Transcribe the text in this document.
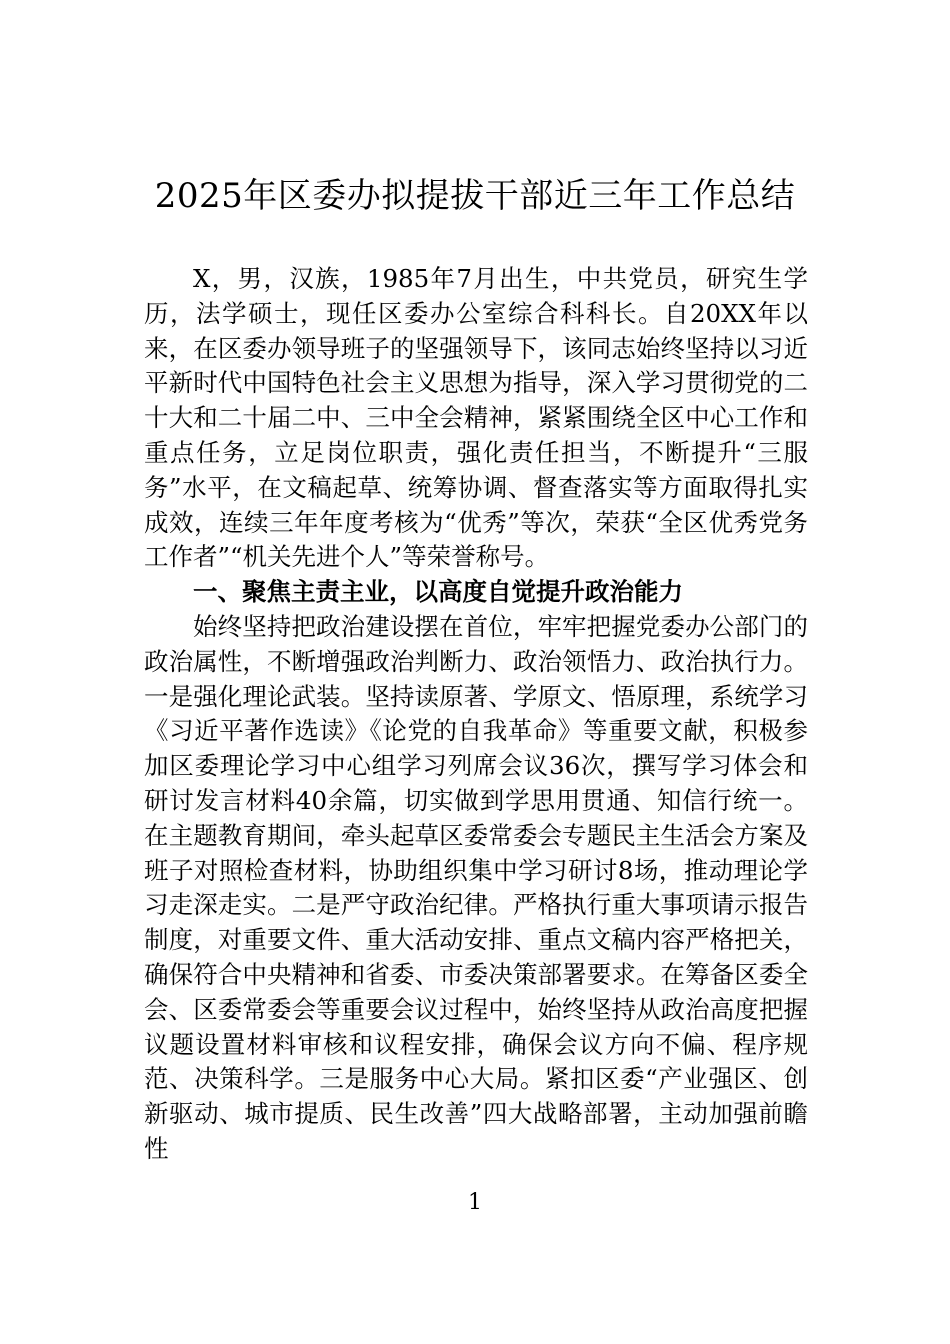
2025年区委办拟提拔干部近三年工作总结

X，男，汉族，1985年7月出生，中共党员，研究生学历，法学硕士，现任区委办公室综合科科长。自20XX年以来，在区委办领导班子的坚强领导下，该同志始终坚持以习近平新时代中国特色社会主义思想为指导，深入学习贯彻党的二十大和二十届二中、三中全会精神，紧紧围绕全区中心工作和重点任务，立足岗位职责，强化责任担当，不断提升“三服务”水平，在文稿起草、统筹协调、督查落实等方面取得扎实成效，连续三年年度考核为“优秀”等次，荣获“全区优秀党务工作者”“机关先进个人”等荣誉称号。

一、聚焦主责主业，以高度自觉提升政治能力

始终坚持把政治建设摆在首位，牢牢把握党委办公部门的政治属性，不断增强政治判断力、政治领悟力、政治执行力。一是强化理论武装。坚持读原著、学原文、悟原理，系统学习《习近平著作选读》《论党的自我革命》等重要文献，积极参加区委理论学习中心组学习列席会议36次，撰写学习体会和研讨发言材料40余篇，切实做到学思用贯通、知信行统一。在主题教育期间，牵头起草区委常委会专题民主生活会方案及班子对照检查材料，协助组织集中学习研讨8场，推动理论学习走深走实。二是严守政治纪律。严格执行重大事项请示报告制度，对重要文件、重大活动安排、重点文稿内容严格把关，确保符合中央精神和省委、市委决策部署要求。在筹备区委全会、区委常委会等重要会议过程中，始终坚持从政治高度把握议题设置材料审核和议程安排，确保会议方向不偏、程序规范、决策科学。三是服务中心大局。紧扣区委“产业强区、创新驱动、城市提质、民生改善”四大战略部署，主动加强前瞻性

1
